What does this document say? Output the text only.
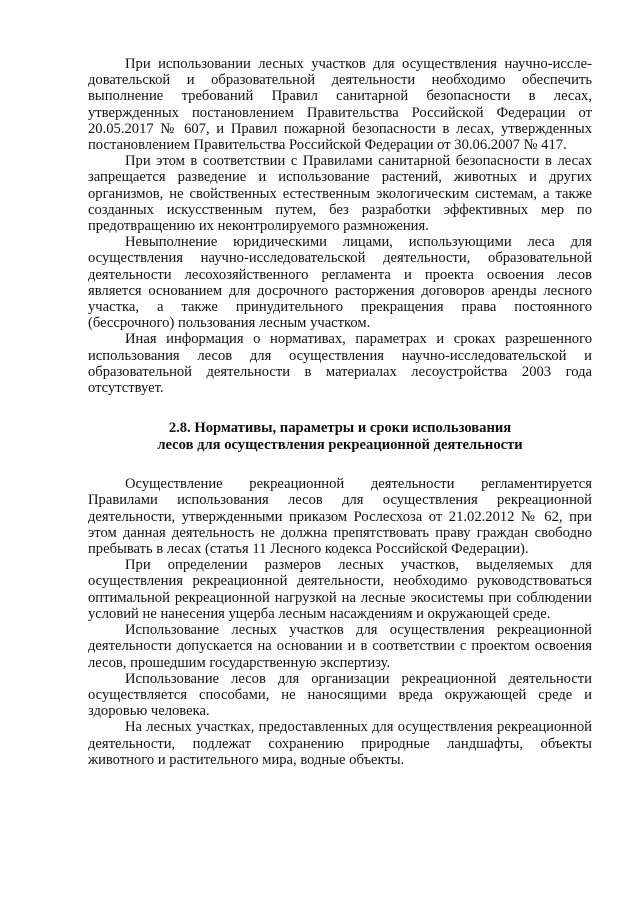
При использовании лесных участков для осуществления научно-исследовательской и образовательной деятельности необходимо обеспечить выполнение требований Правил санитарной безопасности в лесах, утвержденных постановлением Правительства Российской Федерации от 20.05.2017 № 607, и Правил пожарной безопасности в лесах, утвержденных постановлением Правительства Российской Федерации от 30.06.2007 № 417.

При этом в соответствии с Правилами санитарной безопасности в лесах запрещается разведение и использование растений, животных и других организмов, не свойственных естественным экологическим системам, а также созданных искусственным путем, без разработки эффективных мер по предотвращению их неконтролируемого размножения.

Невыполнение юридическими лицами, использующими леса для осуществления научно-исследовательской деятельности, образовательной деятельности лесохозяйственного регламента и проекта освоения лесов является основанием для досрочного расторжения договоров аренды лесного участка, а также принудительного прекращения права постоянного (бессрочного) пользования лесным участком.

Иная информация о нормативах, параметрах и сроках разрешенного использования лесов для осуществления научно-исследовательской и образовательной деятельности в материалах лесоустройства 2003 года отсутствует.

2.8. Нормативы, параметры и сроки использования
лесов для осуществления рекреационной деятельности

Осуществление рекреационной деятельности регламентируется Правилами использования лесов для осуществления рекреационной деятельности, утвержденными приказом Рослесхоза от 21.02.2012 № 62, при этом данная деятельность не должна препятствовать праву граждан свободно пребывать в лесах (статья 11 Лесного кодекса Российской Федерации).

При определении размеров лесных участков, выделяемых для осуществления рекреационной деятельности, необходимо руководствоваться оптимальной рекреационной нагрузкой на лесные экосистемы при соблюдении условий не нанесения ущерба лесным насаждениям и окружающей среде.

Использование лесных участков для осуществления рекреационной деятельности допускается на основании и в соответствии с проектом освоения лесов, прошедшим государственную экспертизу.

Использование лесов для организации рекреационной деятельности осуществляется способами, не наносящими вреда окружающей среде и здоровью человека.

На лесных участках, предоставленных для осуществления рекреационной деятельности, подлежат сохранению природные ландшафты, объекты животного и растительного мира, водные объекты.
